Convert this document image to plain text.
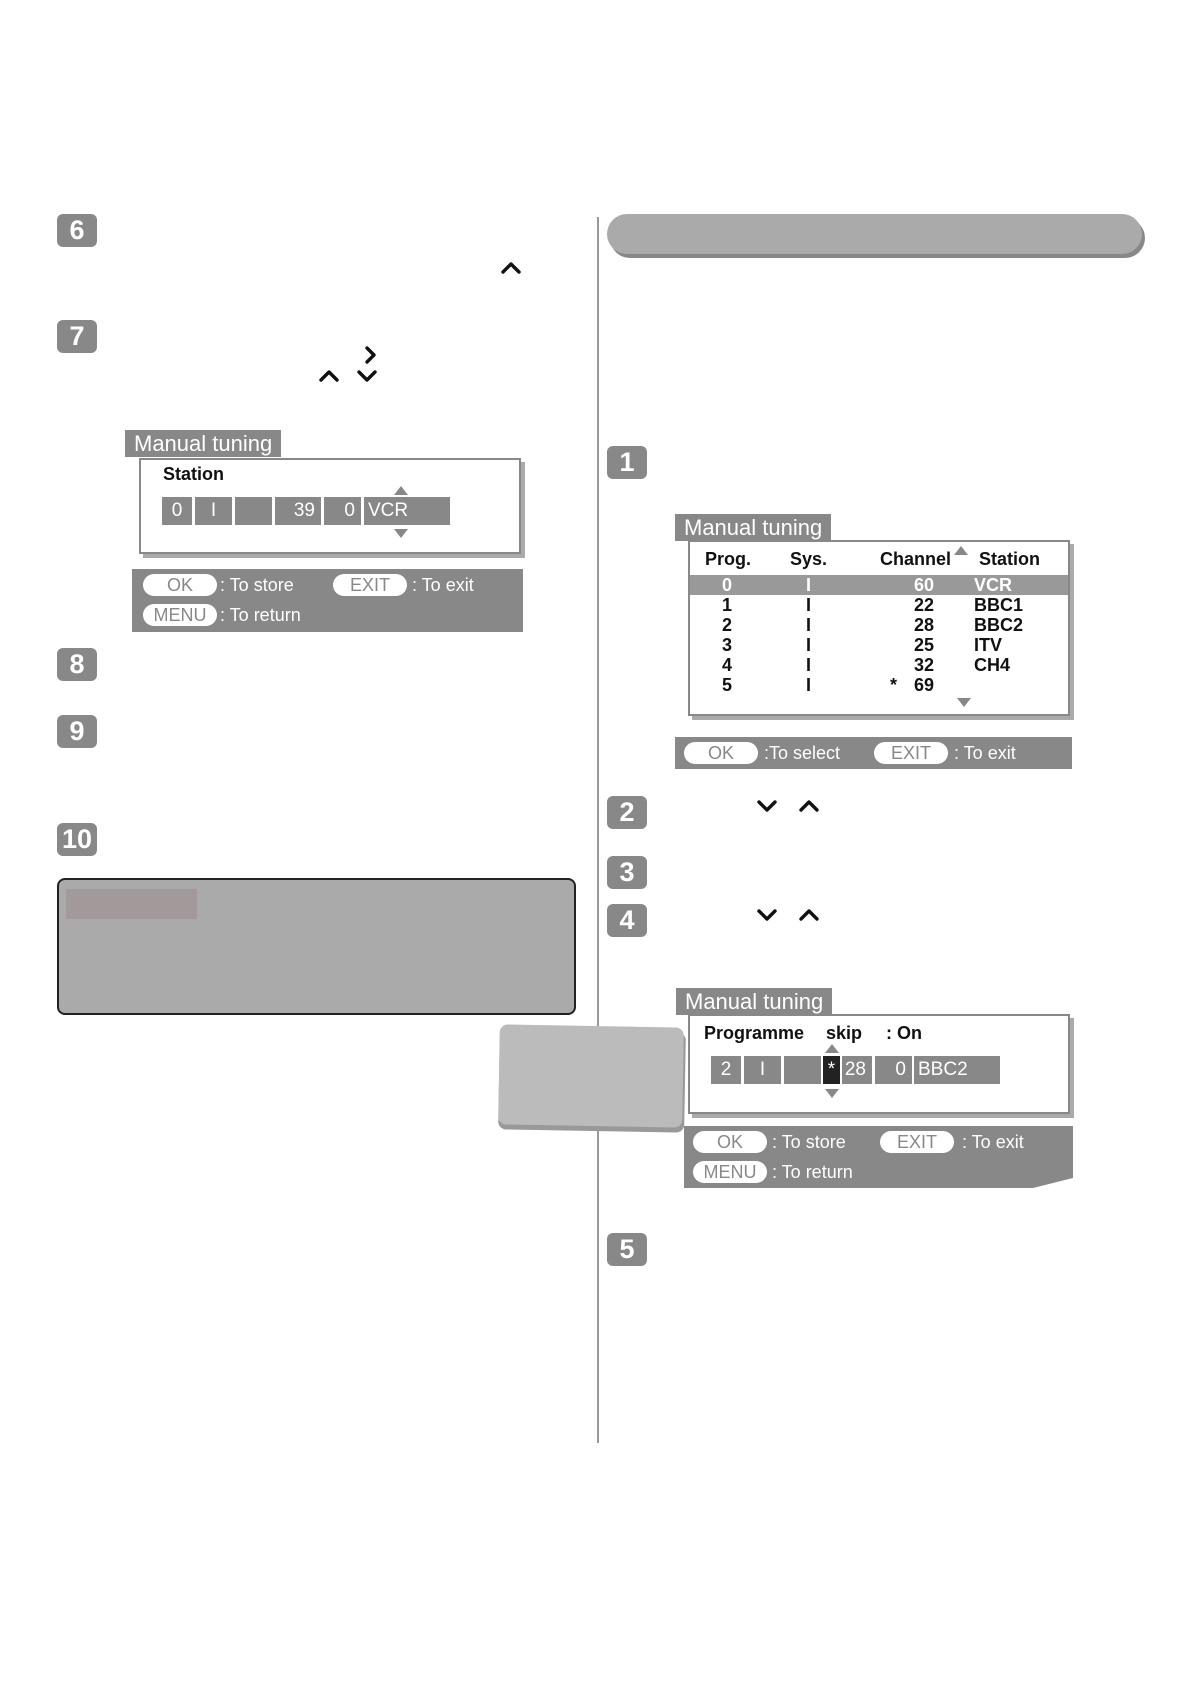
6
7
Manual tuning
Station
0	I	39	0 VCR
OK	: To store	EXIT	: To exit
MENU : To return
8
9
10
1
Prog. Sys.	Channel Station
0	I	60 VCR
1	I	22 BBC1
2	I	28 BBC2
3	I	25 ITV
4	I	32 CH4
5	I	* 69
Manual tuning
OK	:To select	EXIT	: To exit
2
3
4
Manual tuning
Programme skip : On
2	I	* 28	0 BBC2
OK	: To store	EXIT	: To exit
MENU : To return
5
